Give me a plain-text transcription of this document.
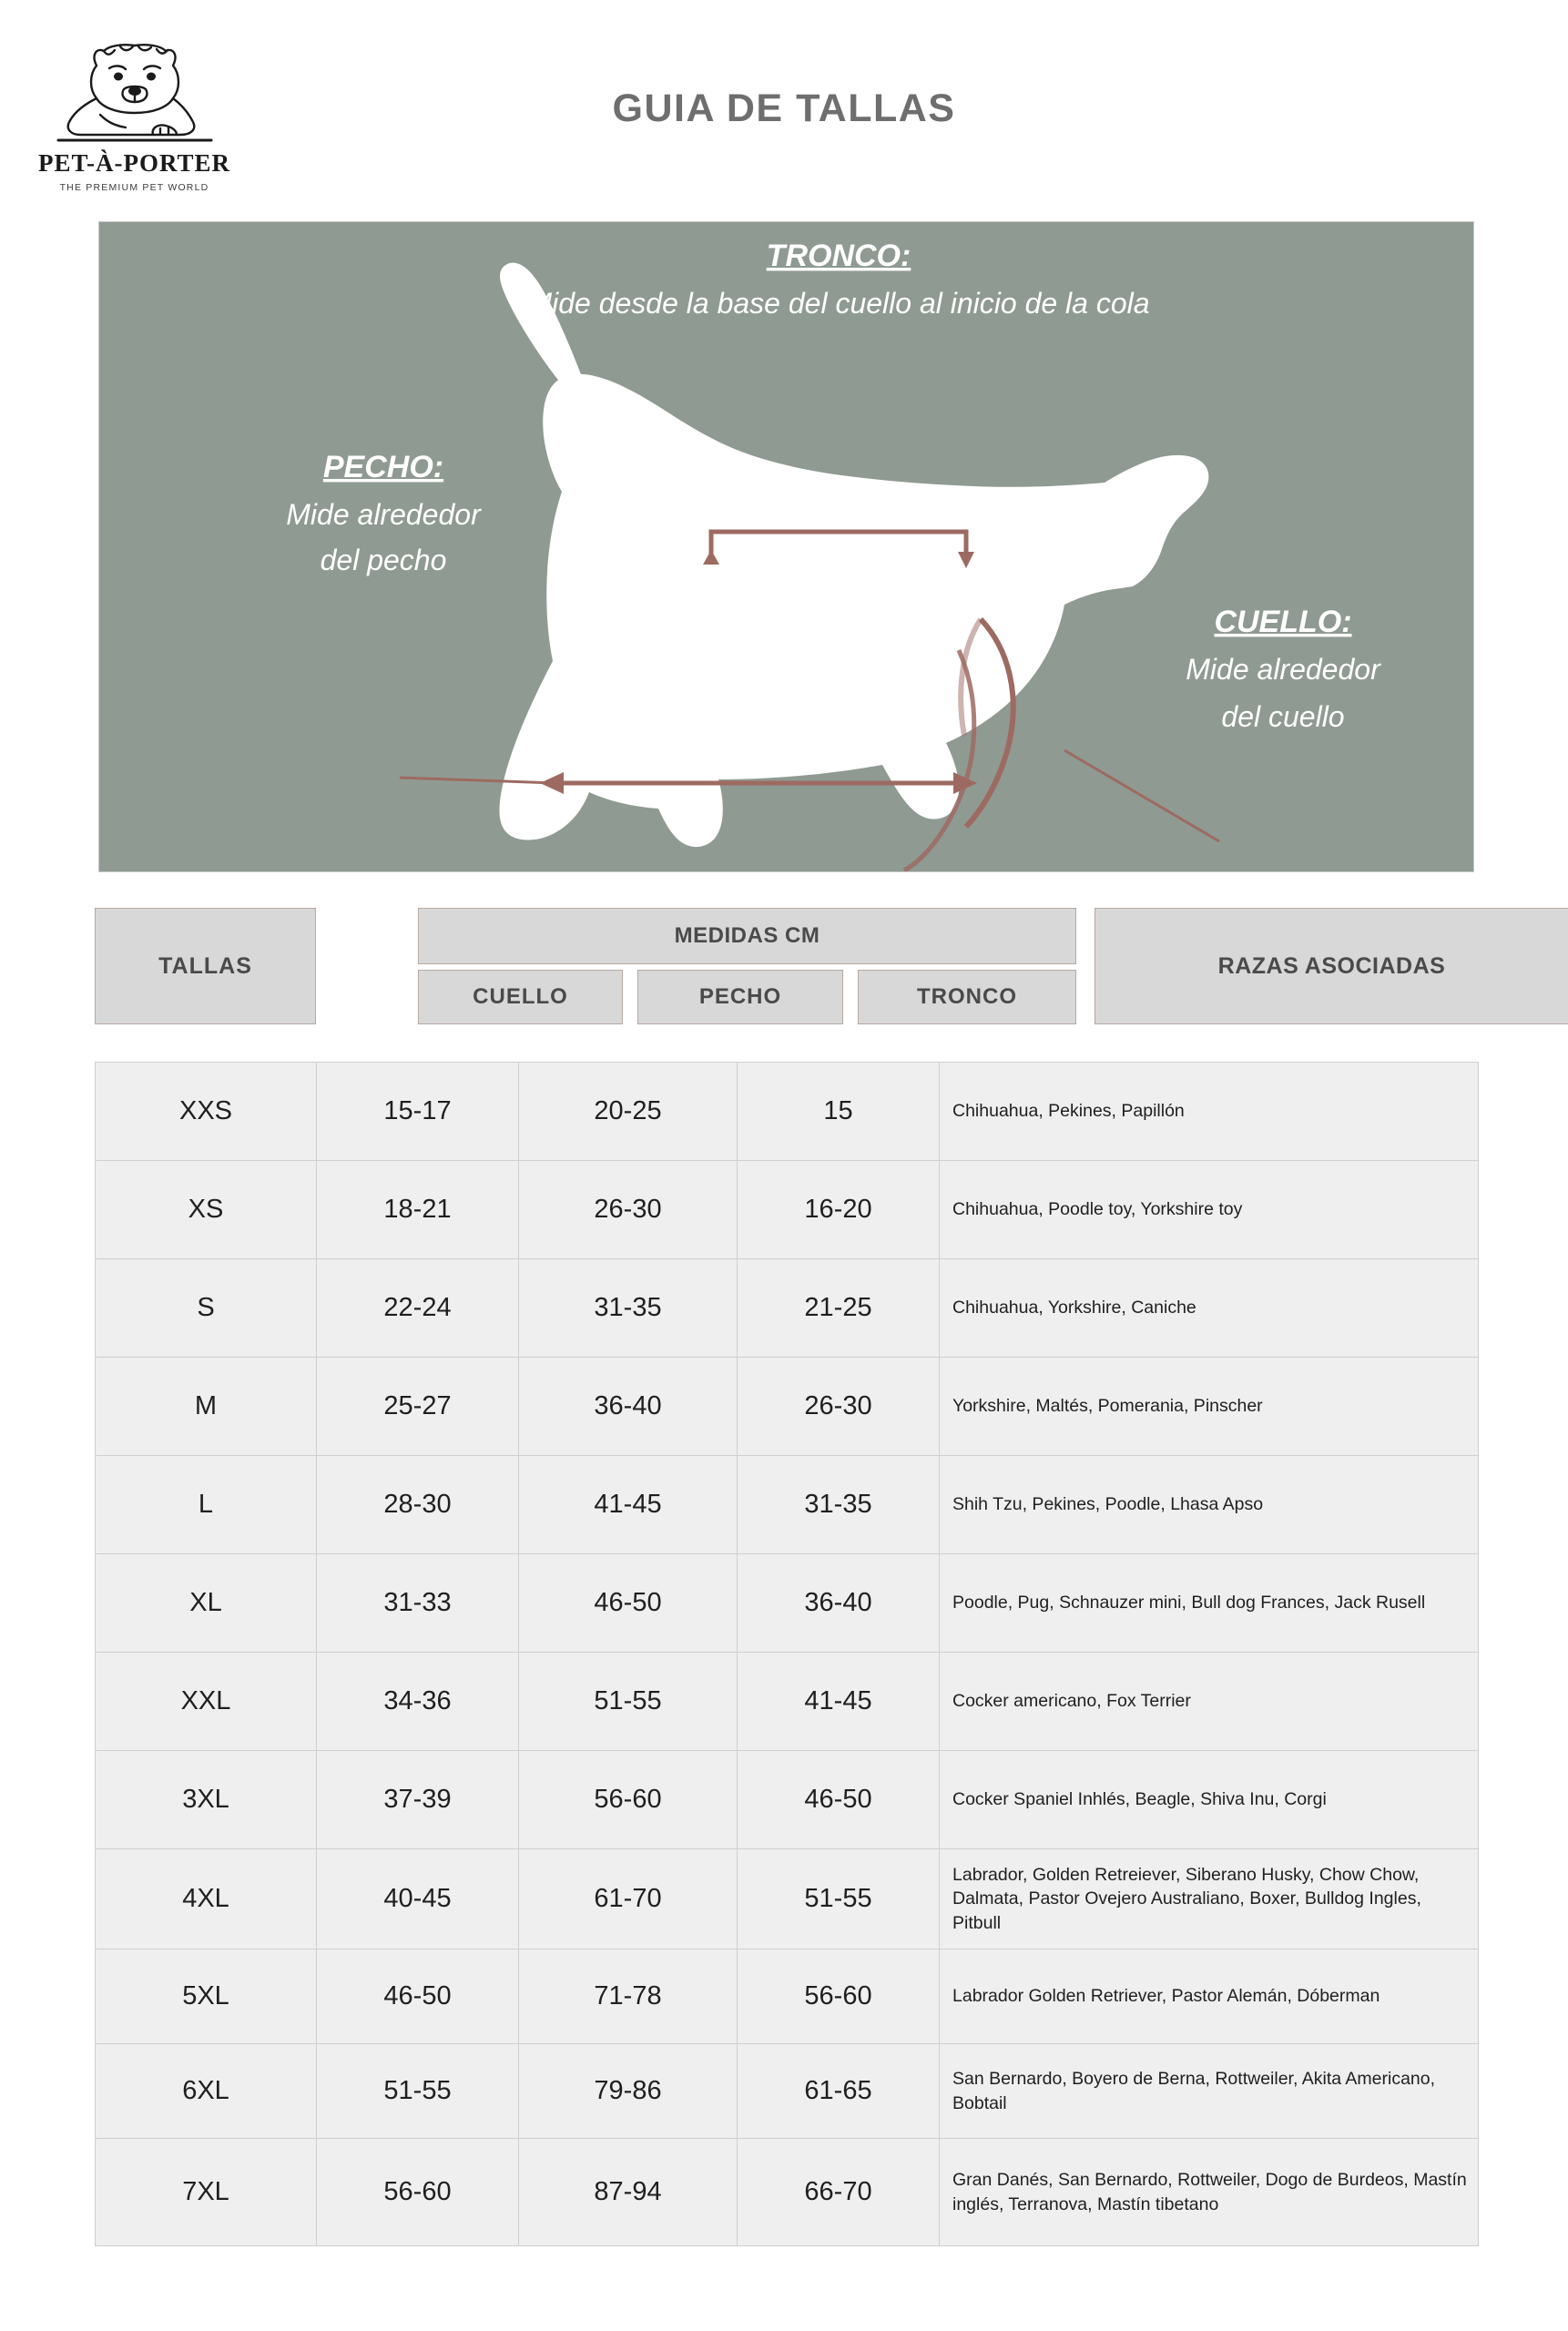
PET-À-PORTER
THE PREMIUM PET WORLD
GUIA DE TALLAS
TRONCO:
Mide desde la base del cuello al inicio de la cola
PECHO:
Mide alrededor
del pecho
CUELLO:
Mide alrededor
del cuello
TALLAS
MEDIDAS CM
CUELLO	PECHO	TRONCO
RAZAS ASOCIADAS
XXS	15-17	20-25	15	Chihuahua, Pekines, Papillón
XS	18-21	26-30	16-20	Chihuahua, Poodle toy, Yorkshire toy
S	22-24	31-35	21-25	Chihuahua, Yorkshire, Caniche
M	25-27	36-40	26-30	Yorkshire, Maltés, Pomerania, Pinscher
L	28-30	41-45	31-35	Shih Tzu, Pekines, Poodle, Lhasa Apso
XL	31-33	46-50	36-40	Poodle, Pug, Schnauzer mini, Bull dog Frances, Jack Rusell
XXL	34-36	51-55	41-45	Cocker americano, Fox Terrier
3XL	37-39	56-60	46-50	Cocker Spaniel Inhlés, Beagle, Shiva Inu, Corgi
4XL	40-45	61-70	51-55	Labrador, Golden Retreiever, Siberano Husky, Chow Chow, Dalmata, Pastor Ovejero Australiano, Boxer, Bulldog Ingles, Pitbull
5XL	46-50	71-78	56-60	Labrador Golden Retriever, Pastor Alemán, Dóberman
6XL	51-55	79-86	61-65	San Bernardo, Boyero de Berna, Rottweiler, Akita Americano, Bobtail
7XL	56-60	87-94	66-70	Gran Danés, San Bernardo, Rottweiler, Dogo de Burdeos, Mastín inglés, Terranova, Mastín tibetano
